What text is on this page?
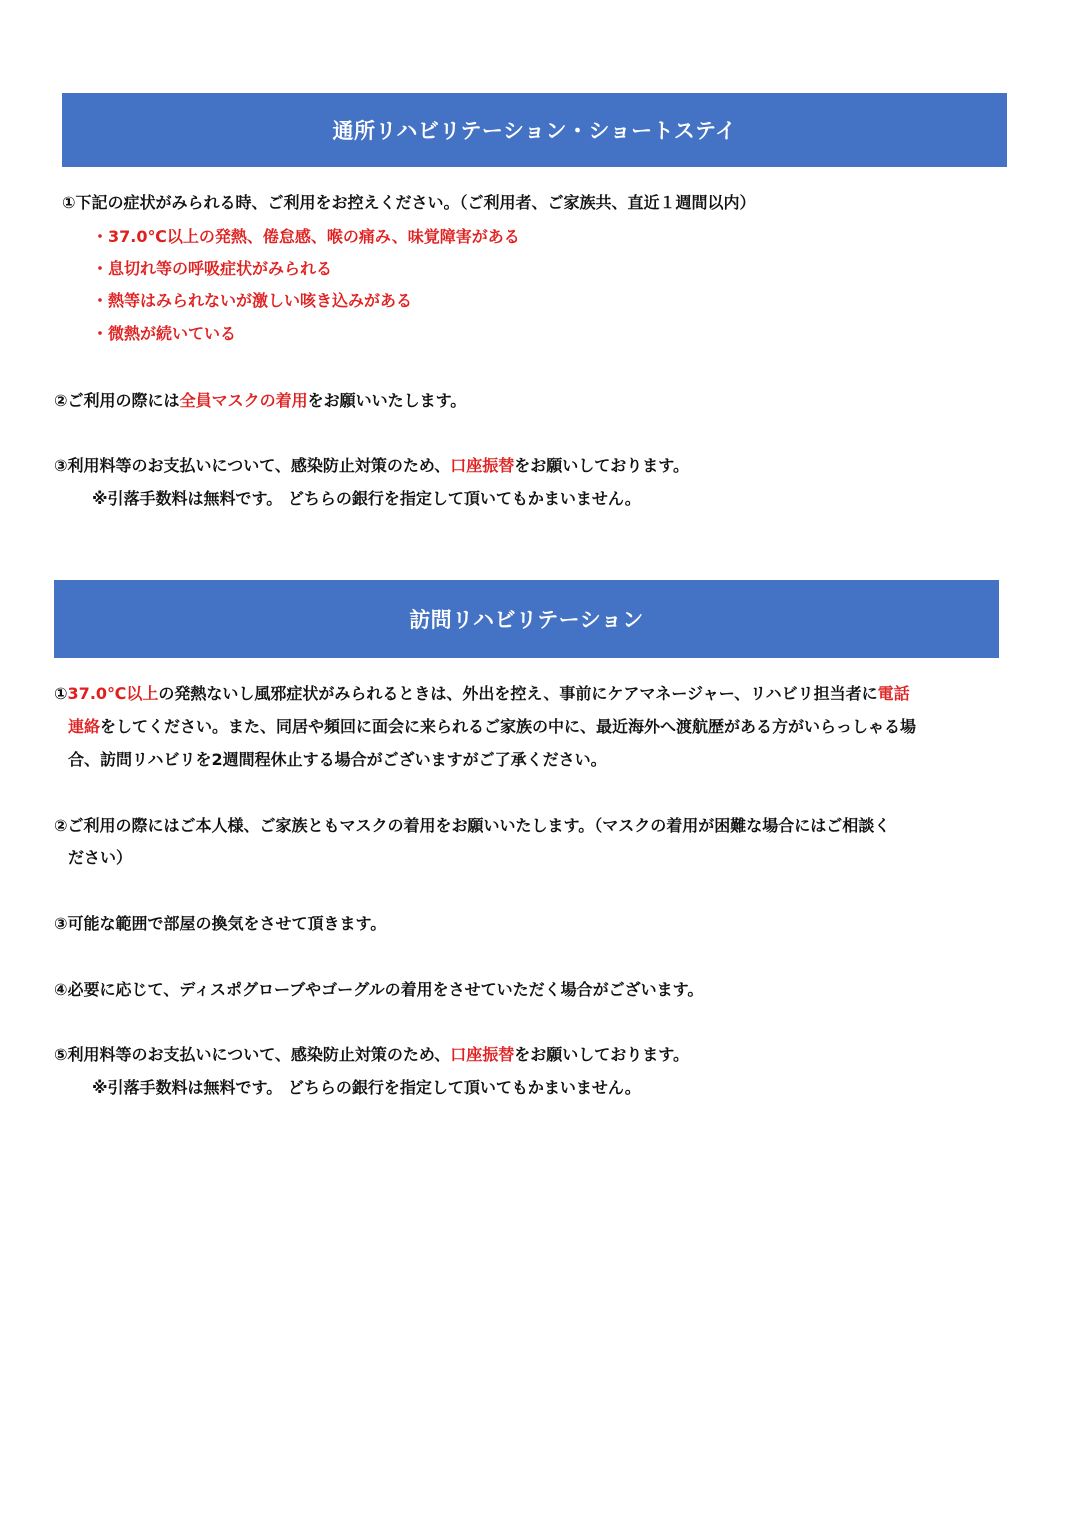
通所リハビリテーション・ショートステイ
①下記の症状がみられる時、ご利用をお控えください。（ご利用者、ご家族共、直近１週間以内）
・37.0℃以上の発熱、倦怠感、喉の痛み、味覚障害がある
・息切れ等の呼吸症状がみられる
・熱等はみられないが激しい咳き込みがある
・微熱が続いている
②ご利用の際には全員マスクの着用をお願いいたします。
③利用料等のお支払いについて、感染防止対策のため、口座振替をお願いしております。
※引落手数料は無料です。 どちらの銀行を指定して頂いてもかまいません。
訪問リハビリテーション
①37.0℃以上の発熱ないし風邪症状がみられるときは、外出を控え、事前にケアマネージャー、リハビリ担当者に電話
連絡をしてください。また、同居や頻回に面会に来られるご家族の中に、最近海外へ渡航歴がある方がいらっしゃる場
合、訪問リハビリを2週間程休止する場合がございますがご了承ください。
②ご利用の際にはご本人様、ご家族ともマスクの着用をお願いいたします。（マスクの着用が困難な場合にはご相談く
ださい）
③可能な範囲で部屋の換気をさせて頂きます。
④必要に応じて、ディスポグローブやゴーグルの着用をさせていただく場合がございます。
⑤利用料等のお支払いについて、感染防止対策のため、口座振替をお願いしております。
※引落手数料は無料です。 どちらの銀行を指定して頂いてもかまいません。
